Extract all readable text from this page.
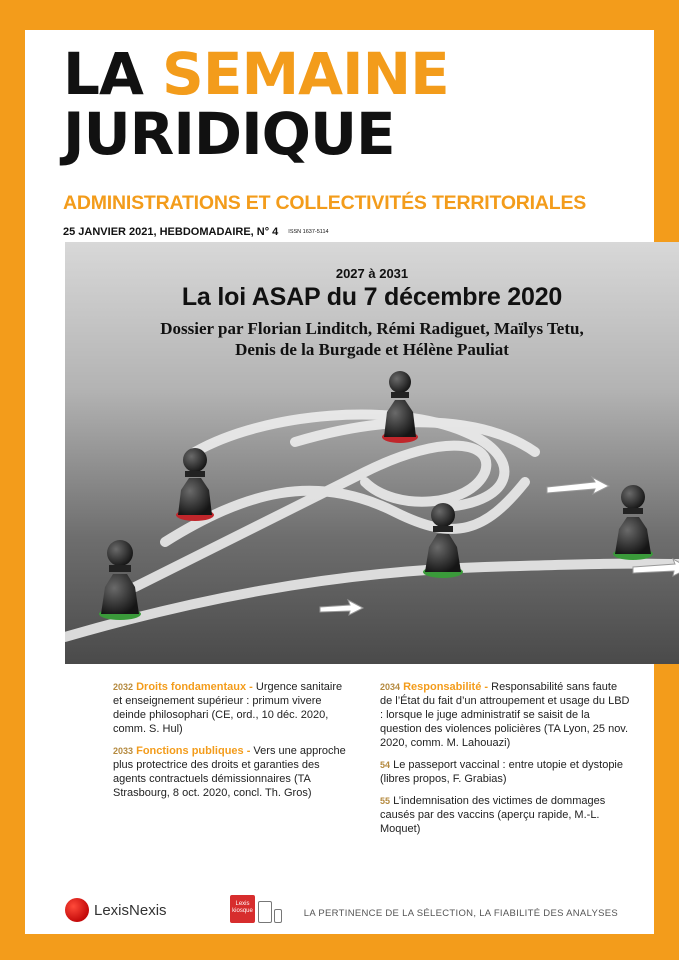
LA SEMAINE
JURIDIQUE
ADMINISTRATIONS ET COLLECTIVITÉS TERRITORIALES
25 JANVIER 2021, HEBDOMADAIRE, N° 4 ISSN 1637-5114
2027 à 2031
La loi ASAP du 7 décembre 2020
Dossier par Florian Linditch, Rémi Radiguet, Maïlys Tetu,
Denis de la Burgade et Hélène Pauliat
2032 Droits fondamentaux - Urgence sanitaire et enseignement supérieur : primum vivere deinde philosophari (CE, ord., 10 déc. 2020, comm. S. Hul)
2033 Fonctions publiques - Vers une approche plus protectrice des droits et garanties des agents contractuels démissionnaires (TA Strasbourg, 8 oct. 2020, concl. Th. Gros)
2034 Responsabilité - Responsabilité sans faute de l’État du fait d’un attroupement et usage du LBD : lorsque le juge administratif se saisit de la question des violences policières (TA Lyon, 25 nov. 2020, comm. M. Lahouazi)
54 Le passeport vaccinal : entre utopie et dystopie (libres propos, F. Grabias)
55 L’indemnisation des victimes de dommages causés par des vaccins (aperçu rapide, M.-L. Moquet)
LexisNexis	Lexis
kiosque	LA PERTINENCE DE LA SÉLECTION, LA FIABILITÉ DES ANALYSES
